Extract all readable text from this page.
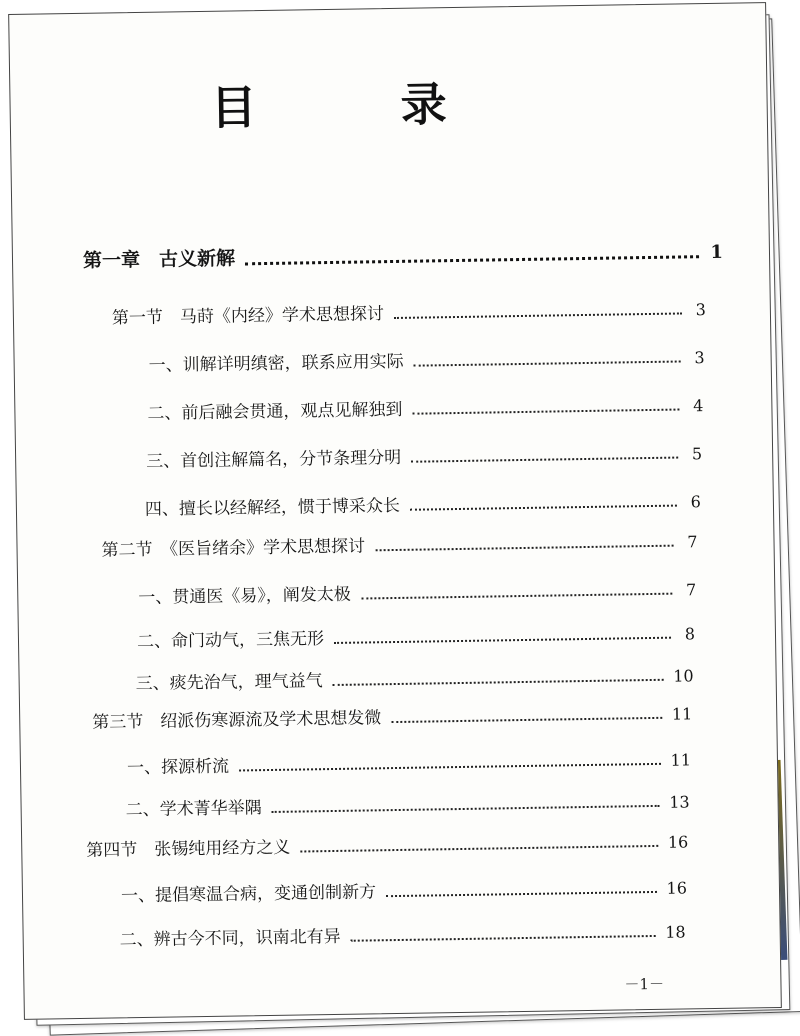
目 录
第一章　古义新解	1
第一节　马莳《内经》学术思想探讨	3
一、训解详明缜密，联系应用实际	3
二、前后融会贯通，观点见解独到	4
三、首创注解篇名，分节条理分明	5
四、擅长以经解经，惯于博采众长	6
第二节　《医旨绪余》学术思想探讨	7
一、贯通医《易》，阐发太极	7
二、命门动气，三焦无形	8
三、痰先治气，理气益气	10
第三节　绍派伤寒源流及学术思想发微	11
一、探源析流	11
二、学术菁华举隅	13
第四节　张锡纯用经方之义	16
一、提倡寒温合病，变通创制新方	16
二、辨古今不同，识南北有异	18
－1－
